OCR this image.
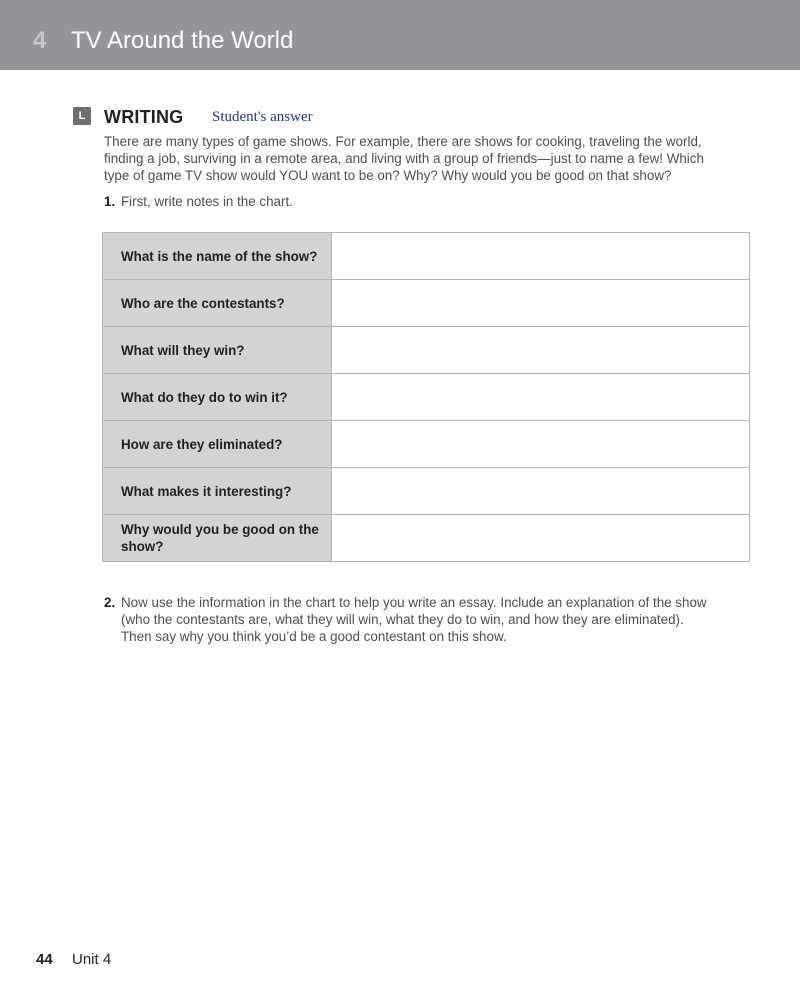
4 TV Around the World
L	WRITING Student's answer
There are many types of game shows. For example, there are shows for cooking, traveling the world, finding a job, surviving in a remote area, and living with a group of friends—just to name a few! Which type of game TV show would YOU want to be on? Why? Why would you be good on that show?
1. First, write notes in the chart.
What is the name of the show?	
Who are the contestants?	
What will they win?	
What do they do to win it?	
How are they eliminated?	
What makes it interesting?	
Why would you be good on the show?	
2. Now use the information in the chart to help you write an essay. Include an explanation of the show (who the contestants are, what they will win, what they do to win, and how they are eliminated). Then say why you think you’d be a good contestant on this show.
44 Unit 4
